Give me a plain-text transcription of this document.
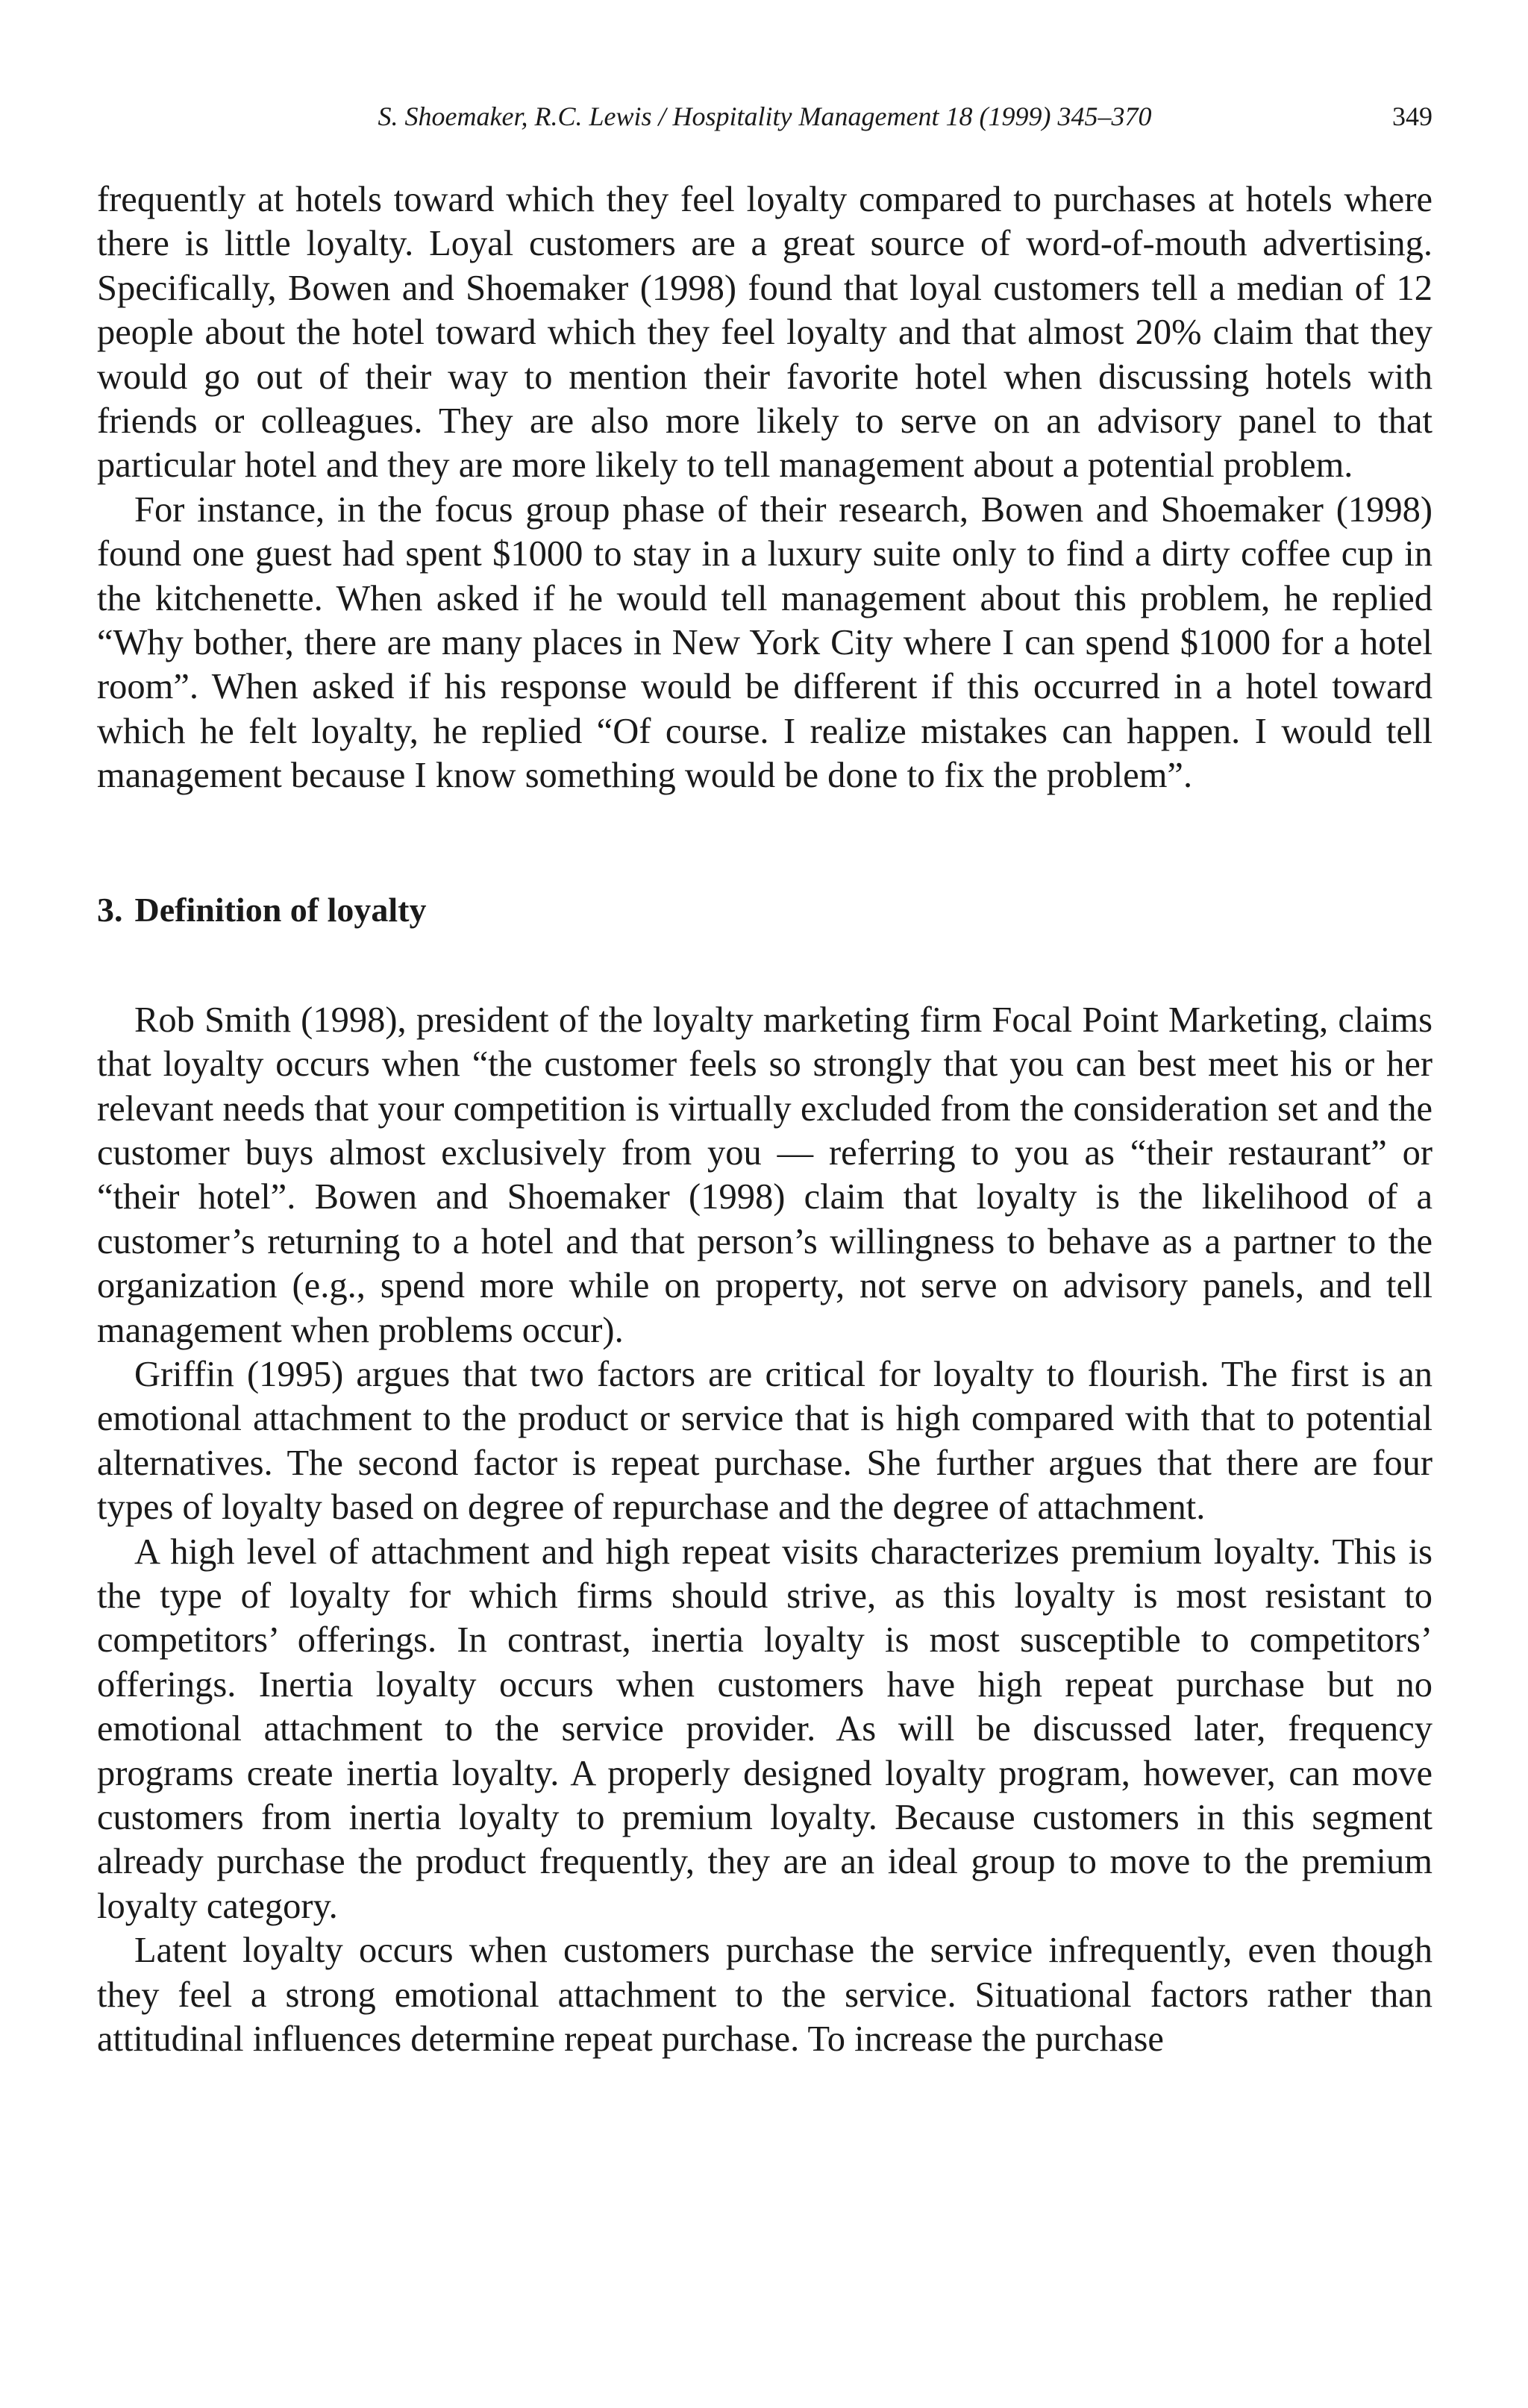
S. Shoemaker, R.C. Lewis / Hospitality Management 18 (1999) 345–370	349

frequently at hotels toward which they feel loyalty compared to purchases at hotels where there is little loyalty. Loyal customers are a great source of word-of-mouth advertising. Specifically, Bowen and Shoemaker (1998) found that loyal customers tell a median of 12 people about the hotel toward which they feel loyalty and that almost 20% claim that they would go out of their way to mention their favorite hotel when discussing hotels with friends or colleagues. They are also more likely to serve on an advisory panel to that particular hotel and they are more likely to tell management about a potential problem.

For instance, in the focus group phase of their research, Bowen and Shoemaker (1998) found one guest had spent $1000 to stay in a luxury suite only to find a dirty coffee cup in the kitchenette. When asked if he would tell management about this problem, he replied “Why bother, there are many places in New York City where I can spend $1000 for a hotel room”. When asked if his response would be different if this occurred in a hotel toward which he felt loyalty, he replied “Of course. I realize mistakes can happen. I would tell management because I know something would be done to fix the problem”.

3. Definition of loyalty

Rob Smith (1998), president of the loyalty marketing firm Focal Point Marketing, claims that loyalty occurs when “the customer feels so strongly that you can best meet his or her relevant needs that your competition is virtually excluded from the consideration set and the customer buys almost exclusively from you — referring to you as “their restaurant” or “their hotel”. Bowen and Shoemaker (1998) claim that loyalty is the likelihood of a customer’s returning to a hotel and that person’s willingness to behave as a partner to the organization (e.g., spend more while on property, not serve on advisory panels, and tell management when problems occur).

Griffin (1995) argues that two factors are critical for loyalty to flourish. The first is an emotional attachment to the product or service that is high compared with that to potential alternatives. The second factor is repeat purchase. She further argues that there are four types of loyalty based on degree of repurchase and the degree of attachment.

A high level of attachment and high repeat visits characterizes premium loyalty. This is the type of loyalty for which firms should strive, as this loyalty is most resistant to competitors’ offerings. In contrast, inertia loyalty is most susceptible to competitors’ offerings. Inertia loyalty occurs when customers have high repeat purchase but no emotional attachment to the service provider. As will be discussed later, frequency programs create inertia loyalty. A properly designed loyalty program, however, can move customers from inertia loyalty to premium loyalty. Because customers in this segment already purchase the product frequently, they are an ideal group to move to the premium loyalty category.

Latent loyalty occurs when customers purchase the service infrequently, even though they feel a strong emotional attachment to the service. Situational factors rather than attitudinal influences determine repeat purchase. To increase the purchase
